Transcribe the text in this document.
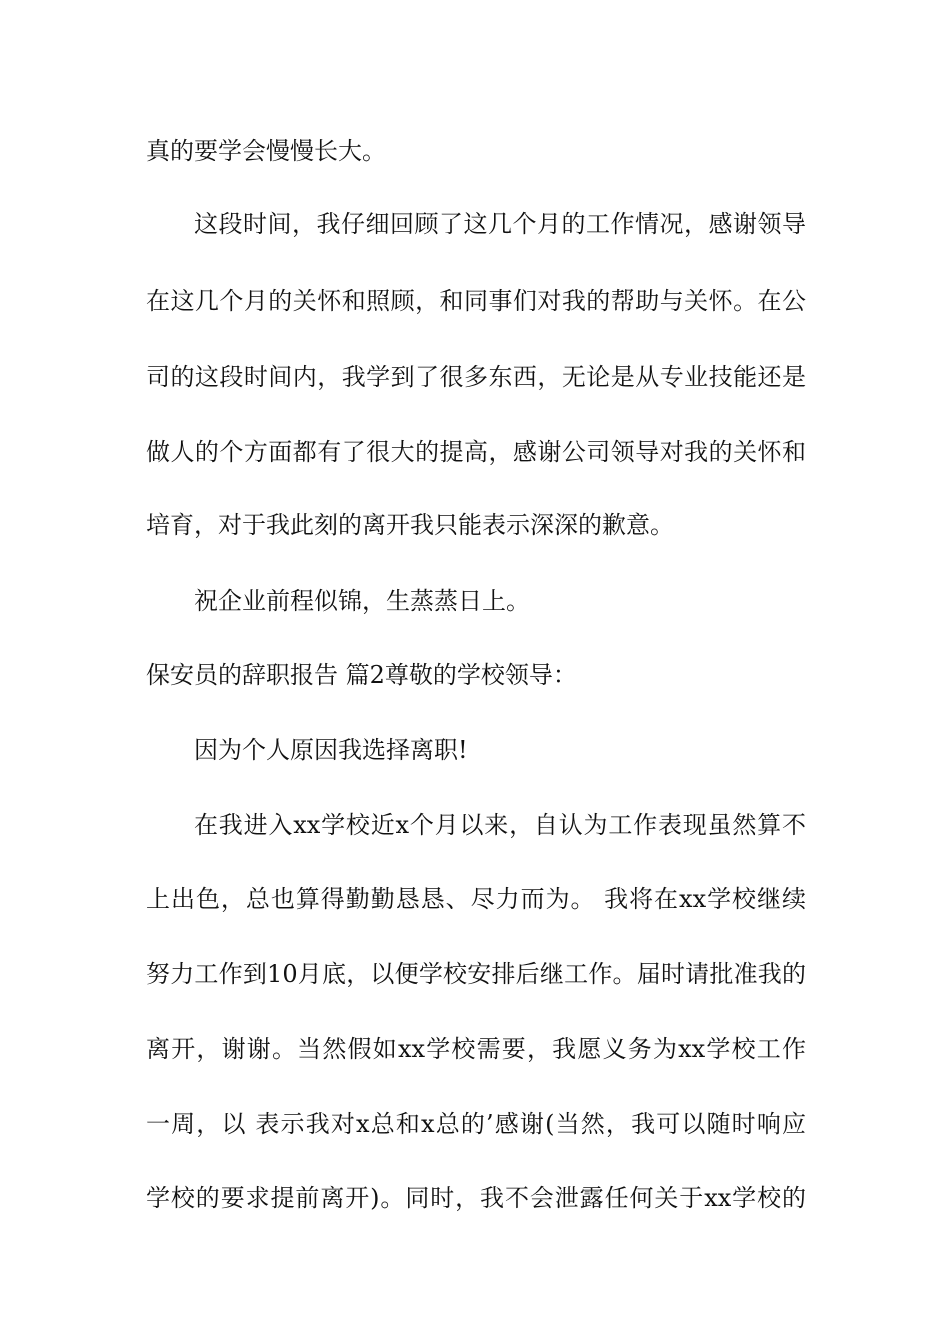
真的要学会慢慢长大。
这段时间，我仔细回顾了这几个月的工作情况，感谢领导
在这几个月的关怀和照顾，和同事们对我的帮助与关怀。在公
司的这段时间内，我学到了很多东西，无论是从专业技能还是
做人的个方面都有了很大的提高，感谢公司领导对我的关怀和
培育，对于我此刻的离开我只能表示深深的歉意。
祝企业前程似锦，生蒸蒸日上。
保安员的辞职报告 篇2尊敬的学校领导：
因为个人原因我选择离职!
在我进入xx学校近x个月以来，自认为工作表现虽然算不
上出色，总也算得勤勤恳恳、尽力而为。 我将在xx学校继续
努力工作到10月底，以便学校安排后继工作。届时请批准我的
离开，谢谢。当然假如xx学校需要，我愿义务为xx学校工作
一周，以 表示我对x总和x总的’感谢(当然，我可以随时响应
学校的要求提前离开)。同时，我不会泄露任何关于xx学校的
